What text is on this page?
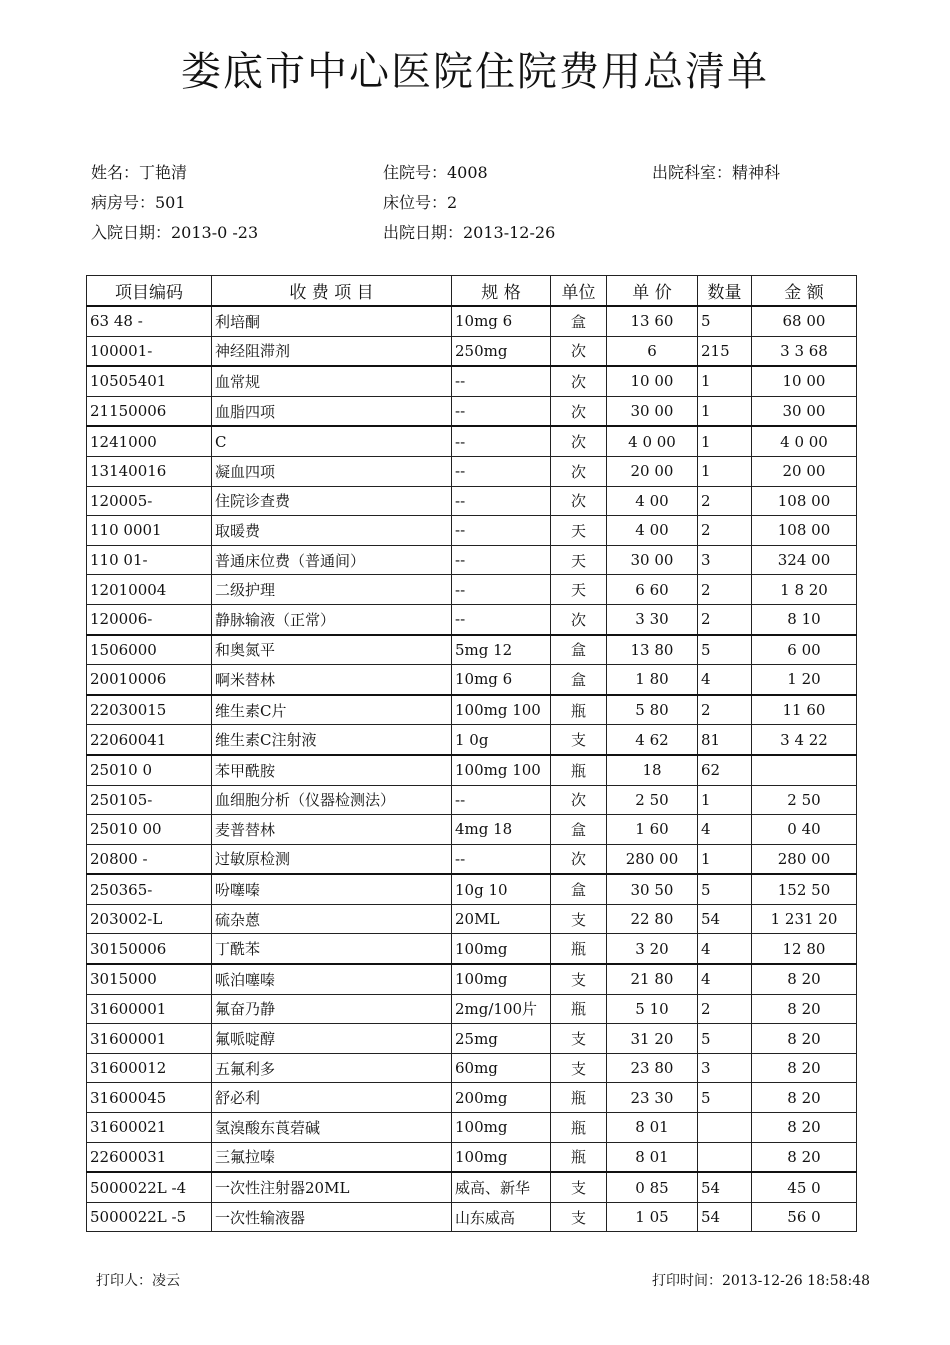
娄底市中心医院住院费用总清单
姓名：丁艳清	住院号：4008	出院科室：精神科
病房号：501	床位号：2
入院日期：2013-0 -23	出院日期：2013-12-26
项目编码	收 费 项 目	规 格	单位	单 价	数量	金 额
63 48 -	利培酮	10mg 6	盒	13 60	5	68 00
100001-	神经阻滞剂	250mg	次	6	215	3 3 68
10505401	血常规	--	次	10 00	1	10 00
21150006	血脂四项	--	次	30 00	1	30 00
1241000	C	--	次	4 0 00	1	4 0 00
13140016	凝血四项	--	次	20 00	1	20 00
120005-	住院诊查费	--	次	4 00	2	108 00
110 0001	取暖费	--	天	4 00	2	108 00
110 01-	普通床位费（普通间）	--	天	30 00	3	324 00
12010004	二级护理	--	天	6 60	2	1 8 20
120006-	静脉输液（正常）	--	次	3 30	2	8 10
1506000	和奥氮平	5mg 12	盒	13 80	5	6 00
20010006	啊米替林	10mg 6	盒	1 80	4	1 20
22030015	维生素C片	100mg 100	瓶	5 80	2	11 60
22060041	维生素C注射液	1 0g	支	4 62	81	3 4 22
25010 0	苯甲酰胺	100mg 100	瓶	18	62	
250105-	血细胞分析（仪器检测法）	--	次	2 50	1	2 50
25010 00	麦普替林	4mg 18	盒	1 60	4	0 40
20800 -	过敏原检测	--	次	280 00	1	280 00
250365-	吩噻嗪	10g 10	盒	30 50	5	152 50
203002-L	硫杂蒽	20ML	支	22 80	54	1 231 20
30150006	丁酰苯	100mg	瓶	3 20	4	12 80
3015000	哌泊噻嗪	100mg	支	21 80	4	8 20
31600001	氟奋乃静	2mg/100片	瓶	5 10	2	8 20
31600001	氟哌啶醇	25mg	支	31 20	5	8 20
31600012	五氟利多	60mg	支	23 80	3	8 20
31600045	舒必利	200mg	瓶	23 30	5	8 20
31600021	氢溴酸东莨菪碱	100mg	瓶	8 01		8 20
22600031	三氟拉嗪	100mg	瓶	8 01		8 20
5000022L -4	一次性注射器20ML	威高、新华	支	0 85	54	45 0
5000022L -5	一次性输液器	山东威高	支	1 05	54	56 0
打印人：凌云	打印时间：2013-12-26 18:58:48
